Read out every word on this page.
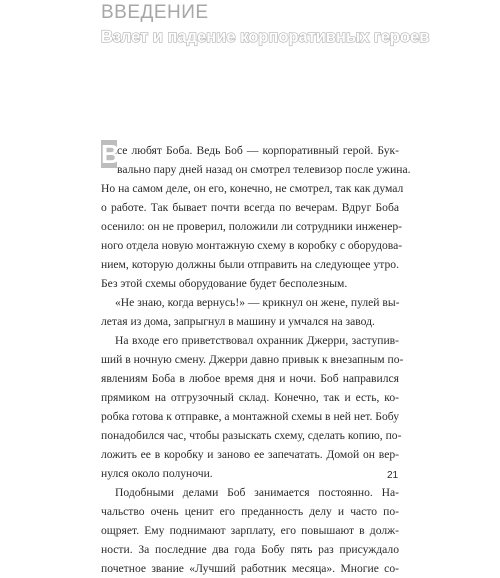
ВВЕДЕНИЕ
Взлет и падение корпоративных героев
В
се любят Боба. Ведь Боб — корпоративный герой. Бук-
вально пару дней назад он смотрел телевизор после ужина.
Но на самом деле, он его, конечно, не смотрел, так как думал
о работе. Так бывает почти всегда по вечерам. Вдруг Боба
осенило: он не проверил, положили ли сотрудники инженер-
ного отдела новую монтажную схему в коробку с оборудова-
нием, которую должны были отправить на следующее утро.
Без этой схемы оборудование будет бесполезным.
«Не знаю, когда вернусь!» — крикнул он жене, пулей вы-
летая из дома, запрыгнул в машину и умчался на завод.
На входе его приветствовал охранник Джерри, заступив-
ший в ночную смену. Джерри давно привык к внезапным по-
явлениям Боба в любое время дня и ночи. Боб направился
прямиком на отгрузочный склад. Конечно, так и есть, ко-
робка готова к отправке, а монтажной схемы в ней нет. Бобу
понадобился час, чтобы разыскать схему, сделать копию, по-
ложить ее в коробку и заново ее запечатать. Домой он вер-
нулся около полуночи.
Подобными делами Боб занимается постоянно. На-
чальство очень ценит его преданность делу и часто по-
ощряет. Ему поднимают зарплату, его повышают в долж-
ности. За последние два года Бобу пять раз присуждало
почетное звание «Лучший работник месяца». Многие со-
21
